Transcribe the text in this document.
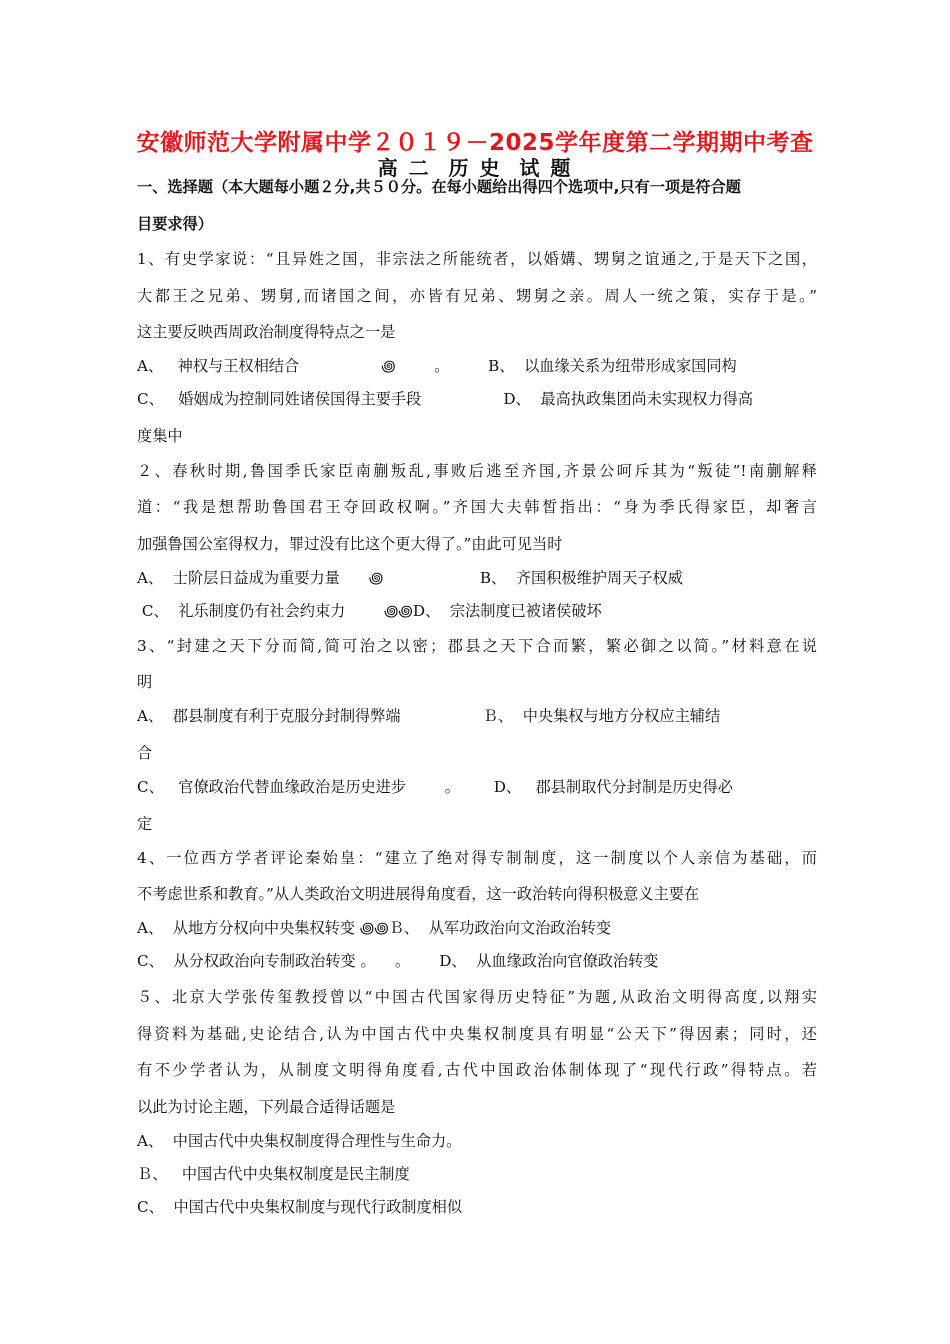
安徽师范大学附属中学２０１９－2025学年度第二学期期中考查
高 二  历 史  试 题
一、选择题（本大题每小题２分,共５０分。在每小题给出得四个选项中,只有一项是符合题
目要求得）
1、有史学家说：“且异姓之国，非宗法之所能统者，以婚媾、甥舅之谊通之,于是天下之国，
大都王之兄弟、甥舅,而诸国之间，亦皆有兄弟、甥舅之亲。周人一统之策，实存于是。”
这主要反映西周政治制度得特点之一是
A、   神权与王权相结合                 ꩜        。        B、  以血缘关系为纽带形成家国同构
C、   婚姻成为控制同姓诸侯国得主要手段                 D、  最高执政集团尚未实现权力得高
度集中
２、春秋时期,鲁国季氏家臣南蒯叛乱,事败后逃至齐国,齐景公呵斥其为“叛徒”!南蒯解释
道：“我是想帮助鲁国君王夺回政权啊。”齐国大夫韩皙指出：“身为季氏得家臣，却奢言
加强鲁国公室得权力，罪过没有比这个更大得了。”由此可见当时
A、  士阶层日益成为重要力量      ꩜                    B、  齐国积极维护周天子权威
C、  礼乐制度仍有社会约束力        ꩜꩜D、  宗法制度已被诸侯破坏
3、“封建之天下分而简,简可治之以密；郡县之天下合而繁，繁必御之以简。”材料意在说
明
A、  郡县制度有利于克服分封制得弊端                 Ｂ、  中央集权与地方分权应主辅结
合
C、   官僚政治代替血缘政治是历史进步        。       D、   郡县制取代分封制是历史得必
定
4、一位西方学者评论秦始皇：“建立了绝对得专制制度，这一制度以个人亲信为基础，而
不考虑世系和教育。”从人类政治文明进展得角度看，这一政治转向得积极意义主要在
A、  从地方分权向中央集权转变 ꩜꩜Ｂ、  从军功政治向文治政治转变
C、  从分权政治向专制政治转变 。    。      D、  从血缘政治向官僚政治转变
５、北京大学张传玺教授曾以“中国古代国家得历史特征”为题,从政治文明得高度,以翔实
得资料为基础,史论结合,认为中国古代中央集权制度具有明显“公天下”得因素；同时，还
有不少学者认为，从制度文明得角度看,古代中国政治体制体现了“现代行政”得特点。若
以此为讨论主题，下列最合适得话题是
A、  中国古代中央集权制度得合理性与生命力。
Ｂ、   中国古代中央集权制度是民主制度
C、  中国古代中央集权制度与现代行政制度相似
